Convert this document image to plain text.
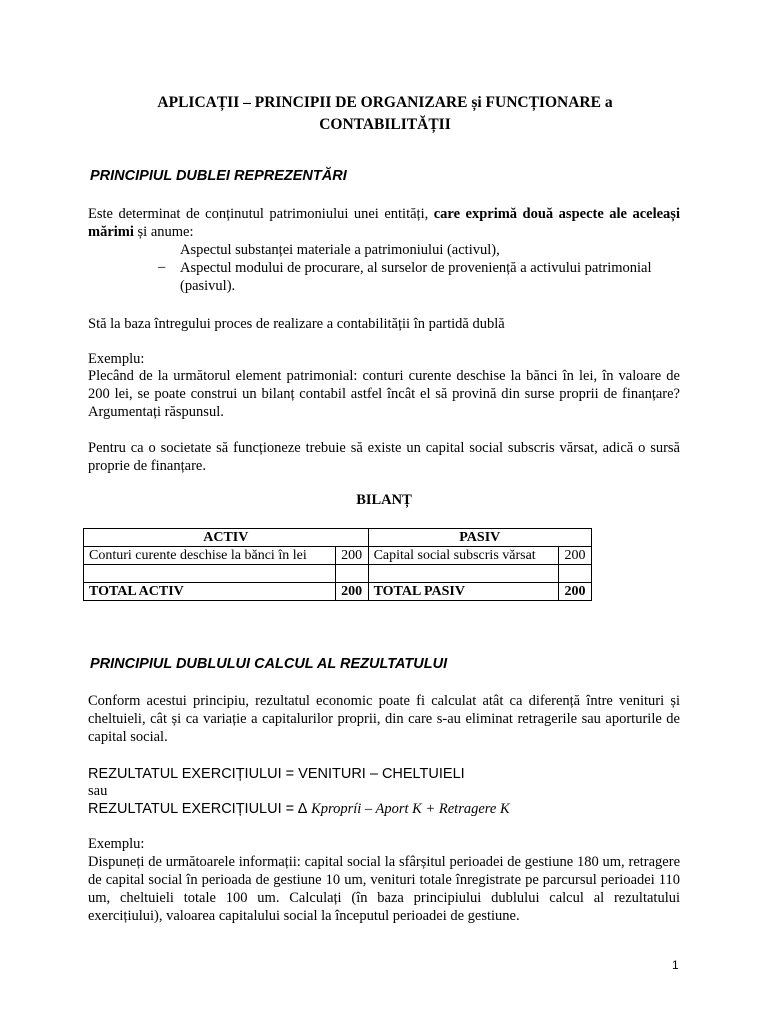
APLICAȚII – PRINCIPII DE ORGANIZARE și FUNCȚIONARE a
CONTABILITĂȚII
PRINCIPIUL DUBLEI REPREZENTĂRI
Este determinat de conținutul patrimoniului unei entități, care exprimă două aspecte ale aceleași mărimi și anume:
Aspectul substanței materiale a patrimoniului (activul),
– Aspectul modului de procurare, al surselor de proveniență a activului patrimonial (pasivul).
Stă la baza întregului proces de realizare a contabilității în partidă dublă
Exemplu:
Plecând de la următorul element patrimonial: conturi curente deschise la bănci în lei, în valoare de 200 lei, se poate construi un bilanț contabil astfel încât el să provină din surse proprii de finanțare? Argumentați răspunsul.
Pentru ca o societate să funcționeze trebuie să existe un capital social subscris vărsat, adică o sursă proprie de finanțare.
BILANȚ
ACTIV		PASIV	
Conturi curente deschise la bănci în lei	200	Capital social subscris vărsat	200

TOTAL ACTIV	200	TOTAL PASIV	200
PRINCIPIUL DUBLULUI CALCUL AL REZULTATULUI
Conform acestui principiu, rezultatul economic poate fi calculat atât ca diferență între venituri și cheltuieli, cât și ca variație a capitalurilor proprii, din care s-au eliminat retragerile sau aporturile de capital social.
REZULTATUL EXERCIȚIULUI = VENITURI – CHELTUIELI
sau
REZULTATUL EXERCIȚIULUI = ∆ Kpropríi – Aport K + Retragere K
Exemplu:
Dispuneți de următoarele informații: capital social la sfârșitul perioadei de gestiune 180 um, retragere de capital social în perioada de gestiune 10 um, venituri totale înregistrate pe parcursul perioadei 110 um, cheltuieli totale 100 um. Calculați (în baza principiului dublului calcul al rezultatului exercițiului), valoarea capitalului social la începutul perioadei de gestiune.
1
